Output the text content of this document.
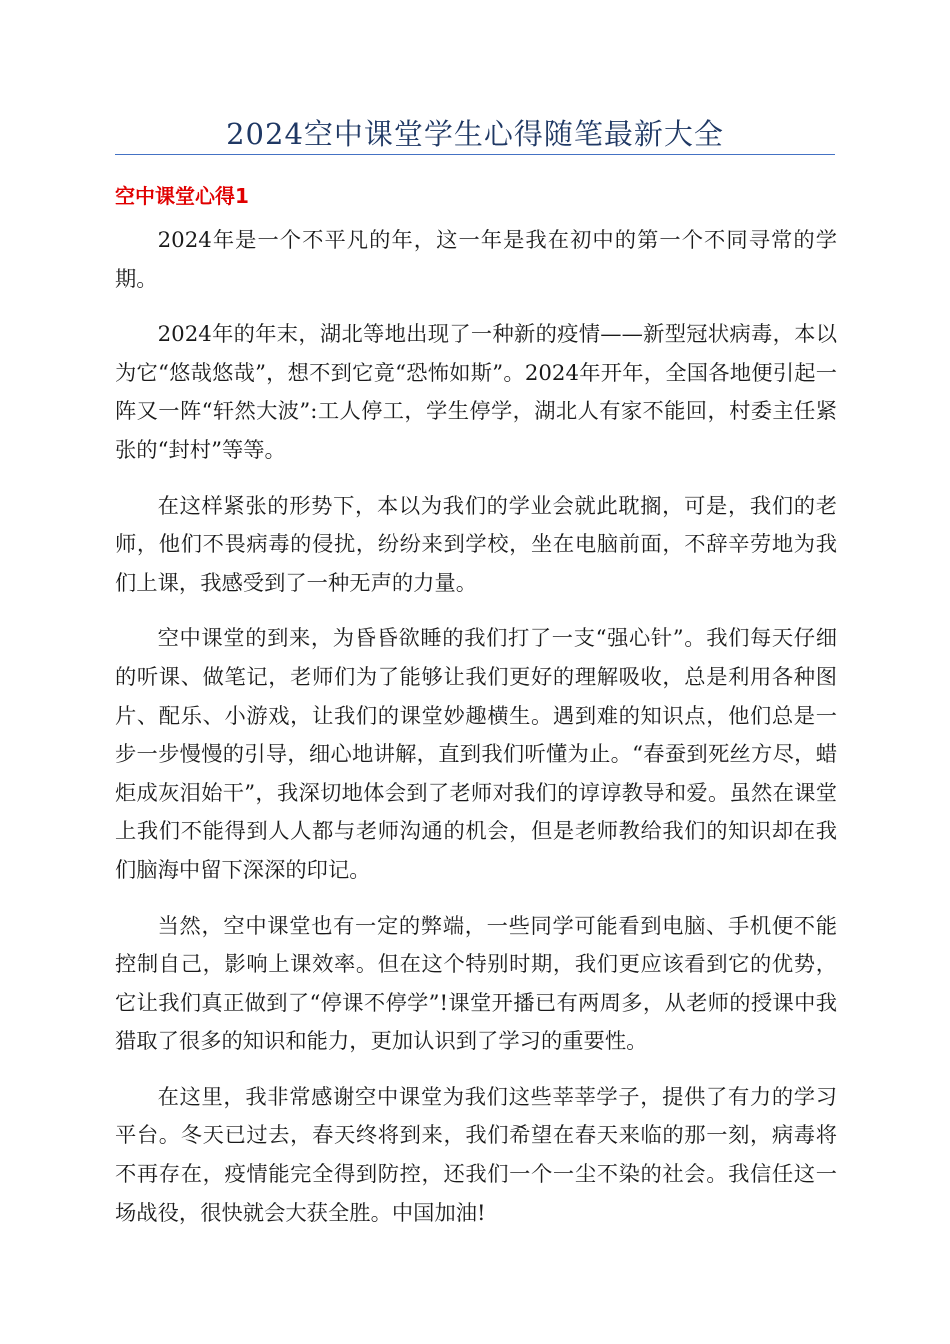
2024空中课堂学生心得随笔最新大全
空中课堂心得1

2024年是一个不平凡的年，这一年是我在初中的第一个不同寻常的学期。

2024年的年末，湖北等地出现了一种新的疫情——新型冠状病毒，本以为它“悠哉悠哉”，想不到它竟“恐怖如斯”。2024年开年，全国各地便引起一阵又一阵“轩然大波”:工人停工，学生停学，湖北人有家不能回，村委主任紧张的“封村”等等。

在这样紧张的形势下，本以为我们的学业会就此耽搁，可是，我们的老师，他们不畏病毒的侵扰，纷纷来到学校，坐在电脑前面，不辞辛劳地为我们上课，我感受到了一种无声的力量。

空中课堂的到来，为昏昏欲睡的我们打了一支“强心针”。我们每天仔细的听课、做笔记，老师们为了能够让我们更好的理解吸收，总是利用各种图片、配乐、小游戏，让我们的课堂妙趣横生。遇到难的知识点，他们总是一步一步慢慢的引导，细心地讲解，直到我们听懂为止。“春蚕到死丝方尽，蜡炬成灰泪始干”，我深切地体会到了老师对我们的谆谆教导和爱。虽然在课堂上我们不能得到人人都与老师沟通的机会，但是老师教给我们的知识却在我们脑海中留下深深的印记。

当然，空中课堂也有一定的弊端，一些同学可能看到电脑、手机便不能控制自己，影响上课效率。但在这个特别时期，我们更应该看到它的优势，它让我们真正做到了“停课不停学”!课堂开播已有两周多，从老师的授课中我猎取了很多的知识和能力，更加认识到了学习的重要性。

在这里，我非常感谢空中课堂为我们这些莘莘学子，提供了有力的学习平台。冬天已过去，春天终将到来，我们希望在春天来临的那一刻，病毒将不再存在，疫情能完全得到防控，还我们一个一尘不染的社会。我信任这一场战役，很快就会大获全胜。中国加油!
